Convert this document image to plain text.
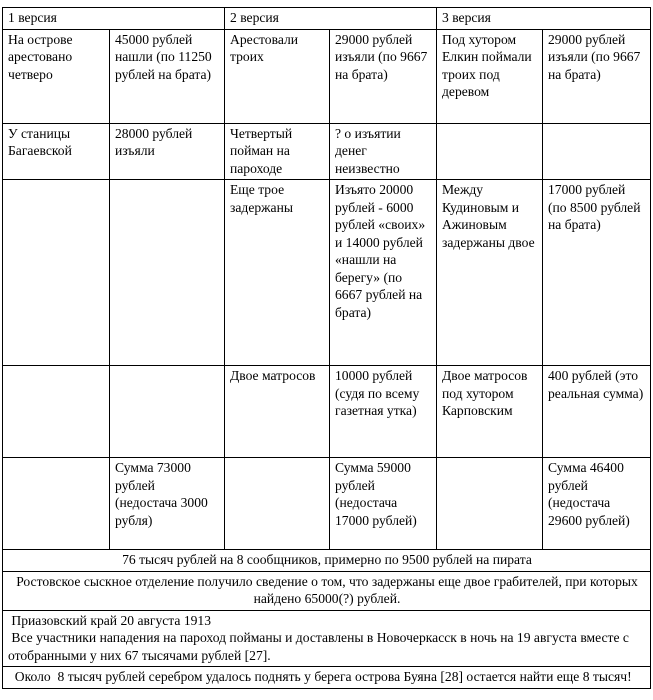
1 версия		2 версия		3 версия	
На острове арестовано четверо	45000 рублей нашли (по 11250 рублей на брата)	Арестовали троих	29000 рублей изъяли (по 9667 на брата)	Под хутором Елкин поймали троих под деревом	29000 рублей изъяли (по 9667 на брата)
У станицы Багаевской	28000 рублей изъяли	Четвертый пойман на пароходе	? о изъятии денег неизвестно		
		Еще трое задержаны	Изъято 20000 рублей - 6000 рублей «своих» и 14000 рублей «нашли на берегу» (по 6667 рублей на брата)	Между Кудиновым и Ажиновым задержаны двое	17000 рублей (по 8500 рублей на брата)
		Двое матросов	10000 рублей (судя по всему газетная утка)	Двое матросов под хутором Карповским	400 рублей (это реальная сумма)
	Сумма 73000 рублей (недостача 3000 рубля)		Сумма 59000 рублей (недостача 17000 рублей)		Сумма 46400 рублей (недостача 29600 рублей)
76 тысяч рублей на 8 сообщников, примерно по 9500 рублей на пирата					
Ростовское сыскное отделение получило сведение о том, что задержаны еще двое грабителей, при которых найдено 65000(?) рублей.					

Приазовский край 20 августа 1913
Все участники нападения на пароход пойманы и доставлены в Новочеркасск в ночь на 19 августа вместе с отобранными у них 67 тысячами рублей [27].					

Около  8 тысяч рублей серебром удалось поднять у берега острова Буяна [28] остается найти еще 8 тысяч!					
